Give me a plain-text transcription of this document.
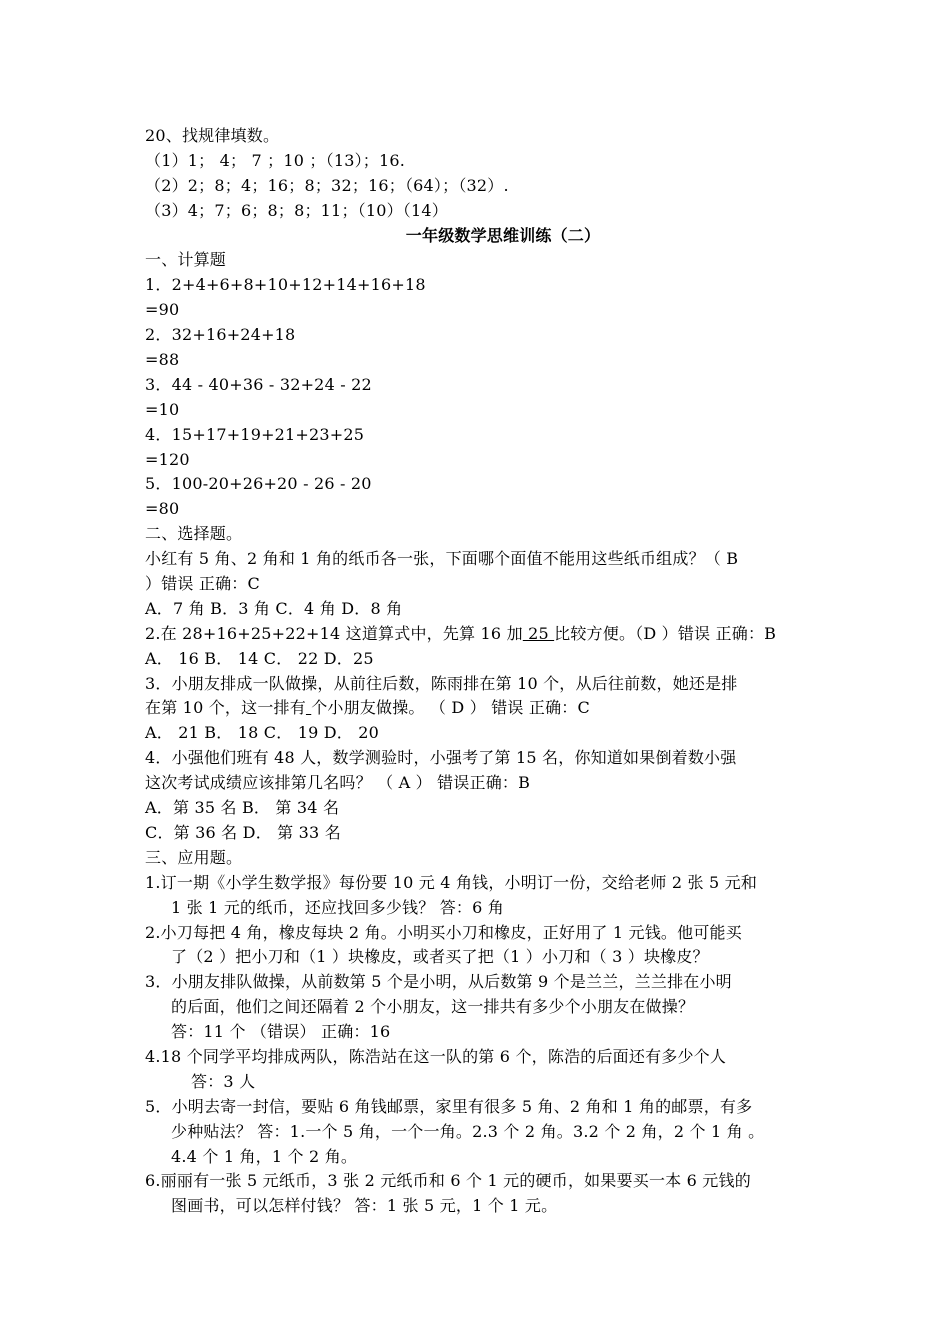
20、找规律填数。
（1）1； 4； 7 ；10 ；（13）；16.
（2）2；8；4；16；8；32；16；（64）；（32）.
（3）4；7；6；8；8；11；（10）（14）
一年级数学思维训练（二）
一、计算题
1．2+4+6+8+10+12+14+16+18
=90
2．32+16+24+18
=88
3．44 - 40+36 - 32+24 - 22
=10
4．15+17+19+21+23+25
=120
5．100-20+26+20 - 26 - 20
=80
二、选择题。
小红有 5 角、2 角和 1 角的纸币各一张，下面哪个面值不能用这些纸币组成？（ B
）错误 正确：C
A．7 角 B．3 角 C．4 角 D．8 角
2.在 28+16+25+22+14 这道算式中，先算 16 加 25 比较方便。（D ）错误 正确：B
A． 16 B． 14 C． 22 D．25
3．小朋友排成一队做操，从前往后数，陈雨排在第 10 个，从后往前数，她还是排
在第 10 个，这一排有 个小朋友做操。 （ D ） 错误 正确：C
A． 21 B． 18 C． 19 D． 20
4．小强他们班有 48 人，数学测验时，小强考了第 15 名，你知道如果倒着数小强
这次考试成绩应该排第几名吗？ （ A ） 错误正确：B
A．第 35 名 B． 第 34 名
C．第 36 名 D． 第 33 名
三、应用题。
1.订一期《小学生数学报》每份要 10 元 4 角钱，小明订一份，交给老师 2 张 5 元和
1 张 1 元的纸币，还应找回多少钱？ 答：6 角
2.小刀每把 4 角，橡皮每块 2 角。小明买小刀和橡皮，正好用了 1 元钱。他可能买
了（2 ）把小刀和（1 ）块橡皮，或者买了把（1 ）小刀和（ 3 ）块橡皮？
3．小朋友排队做操，从前数第 5 个是小明，从后数第 9 个是兰兰，兰兰排在小明
的后面，他们之间还隔着 2 个小朋友，这一排共有多少个小朋友在做操？
答：11 个 （错误） 正确：16
4.18 个同学平均排成两队，陈浩站在这一队的第 6 个，陈浩的后面还有多少个人
答：3 人
5．小明去寄一封信，要贴 6 角钱邮票，家里有很多 5 角、2 角和 1 角的邮票，有多
少种贴法？ 答：1.一个 5 角，一个一角。2.3 个 2 角。3.2 个 2 角，2 个 1 角 。
4.4 个 1 角，1 个 2 角。
6.丽丽有一张 5 元纸币，3 张 2 元纸币和 6 个 1 元的硬币，如果要买一本 6 元钱的
图画书，可以怎样付钱？ 答：1 张 5 元，1 个 1 元。
